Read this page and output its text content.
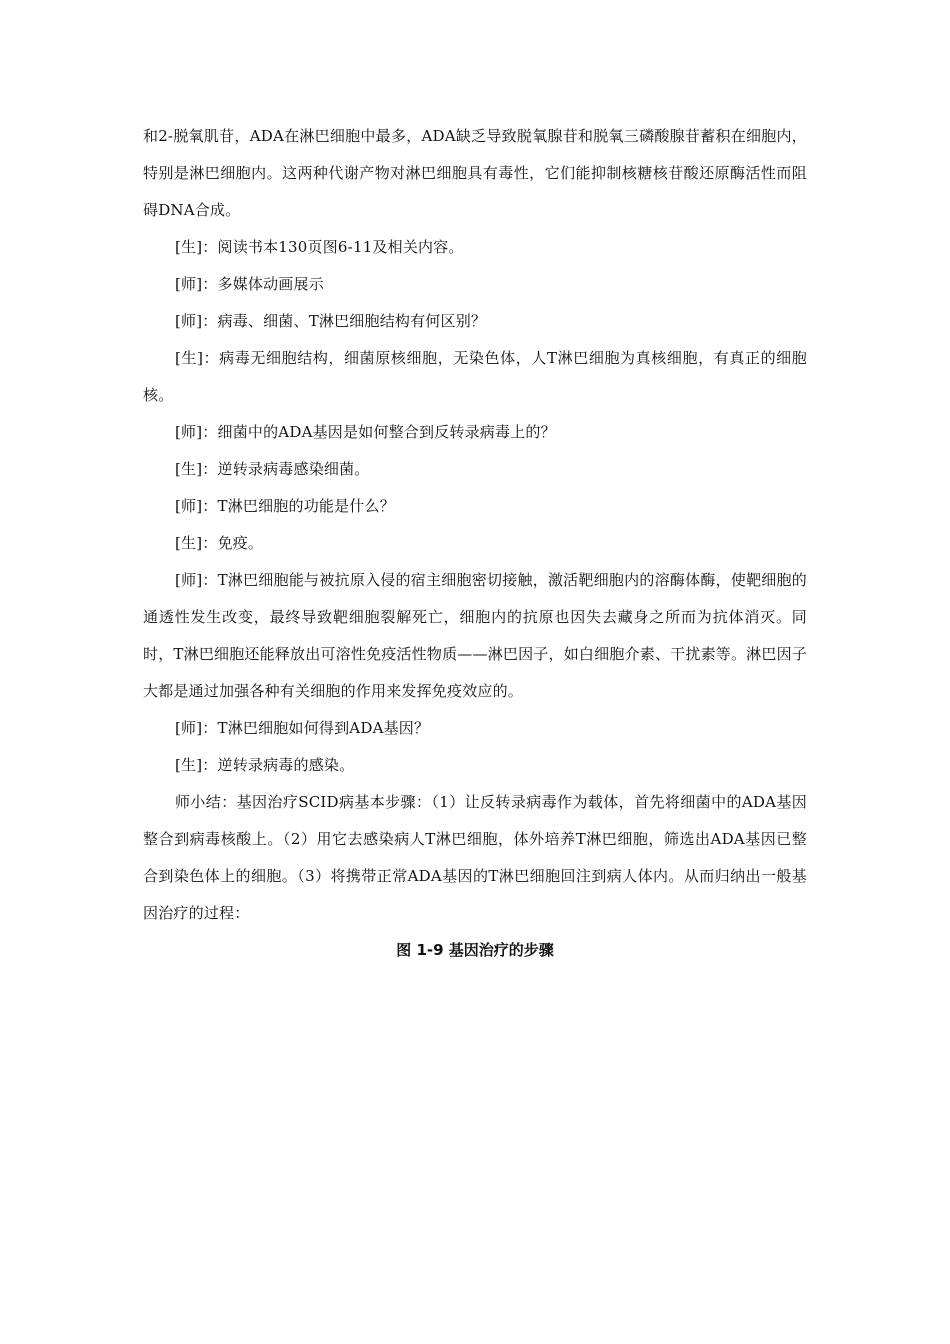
和2-脱氧肌苷，ADA在淋巴细胞中最多，ADA缺乏导致脱氧腺苷和脱氧三磷酸腺苷蓄积在细胞内，特别是淋巴细胞内。这两种代谢产物对淋巴细胞具有毒性，它们能抑制核糖核苷酸还原酶活性而阻碍DNA合成。

[生]：阅读书本130页图6-11及相关内容。

[师]：多媒体动画展示

[师]：病毒、细菌、T淋巴细胞结构有何区别？

[生]：病毒无细胞结构，细菌原核细胞，无染色体，人T淋巴细胞为真核细胞，有真正的细胞核。

[师]：细菌中的ADA基因是如何整合到反转录病毒上的？

[生]：逆转录病毒感染细菌。

[师]：T淋巴细胞的功能是什么？

[生]：免疫。

[师]：T淋巴细胞能与被抗原入侵的宿主细胞密切接触，激活靶细胞内的溶酶体酶，使靶细胞的通透性发生改变，最终导致靶细胞裂解死亡，细胞内的抗原也因失去藏身之所而为抗体消灭。同时，T淋巴细胞还能释放出可溶性免疫活性物质——淋巴因子，如白细胞介素、干扰素等。淋巴因子大都是通过加强各种有关细胞的作用来发挥免疫效应的。

[师]：T淋巴细胞如何得到ADA基因？

[生]：逆转录病毒的感染。

师小结：基因治疗SCID病基本步骤：（1）让反转录病毒作为载体，首先将细菌中的ADA基因整合到病毒核酸上。（2）用它去感染病人T淋巴细胞，体外培养T淋巴细胞，筛选出ADA基因已整合到染色体上的细胞。（3）将携带正常ADA基因的T淋巴细胞回注到病人体内。从而归纳出一般基因治疗的过程：

图 1-9 基因治疗的步骤
